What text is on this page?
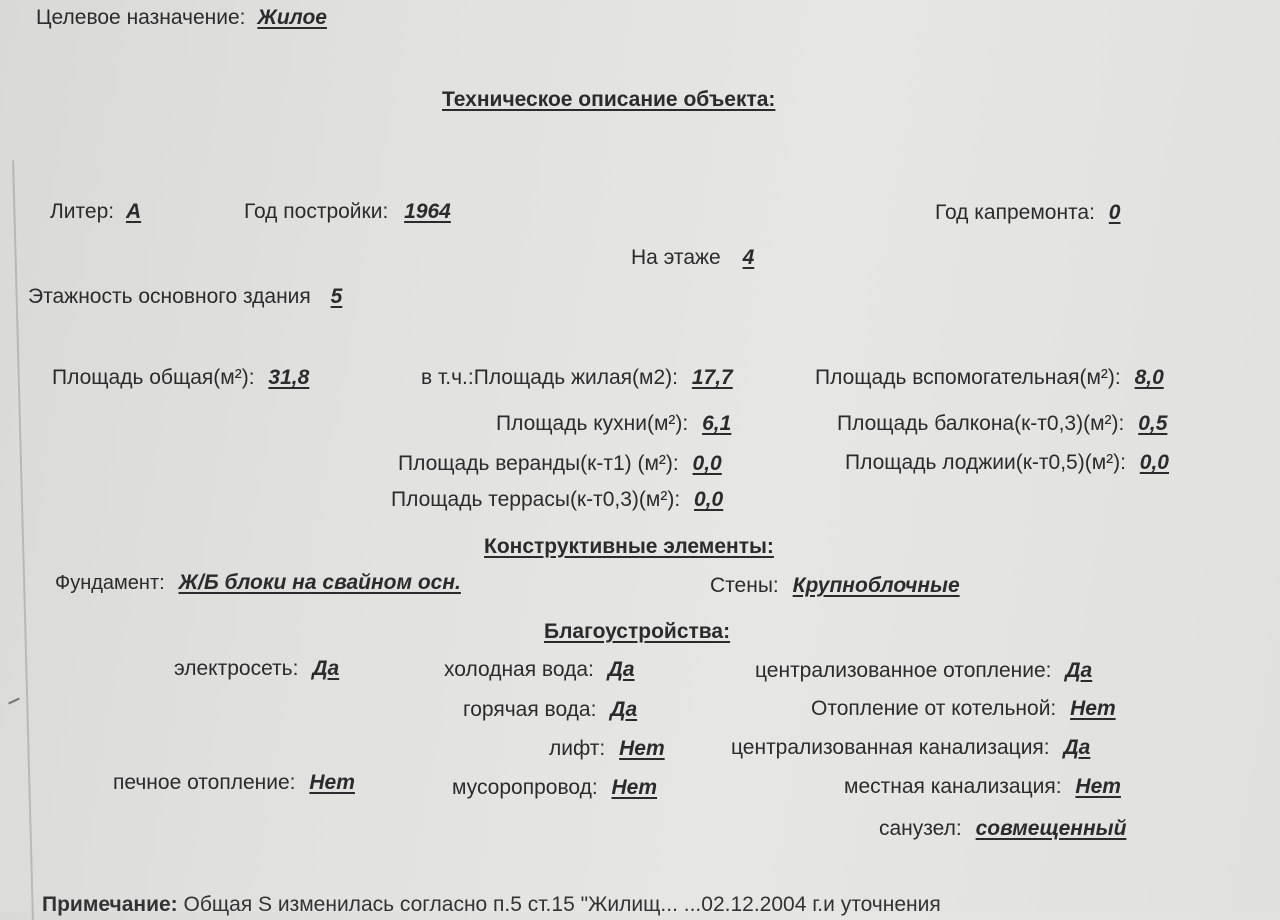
Целевое назначение: Жилое
Техническое описание объекта:
Литер: А	Год постройки: 1964	Год капремонта: 0
На этаже 4
Этажность основного здания 5
Площадь общая(м²): 31,8	в т.ч.:Площадь жилая(м2): 17,7	Площадь вспомогательная(м²): 8,0
Площадь кухни(м²): 6,1	Площадь балкона(к-т0,3)(м²): 0,5
Площадь веранды(к-т1) (м²): 0,0	Площадь лоджии(к-т0,5)(м²): 0,0
Площадь террасы(к-т0,3)(м²): 0,0
Конструктивные элементы:
Фундамент: Ж/Б блоки на свайном осн.	Стены: Крупноблочные
Благоустройства:
электросеть: Да	холодная вода: Да	централизованное отопление: Да
горячая вода: Да	Отопление от котельной: Нет
лифт: Нет	централизованная канализация: Да
печное отопление: Нет	мусоропровод: Нет	местная канализация: Нет
санузел: совмещенный
Примечание: Общая S изменилась согласно п.5 ст.15 "Жилищ... ...02.12.2004 г.и уточнения
